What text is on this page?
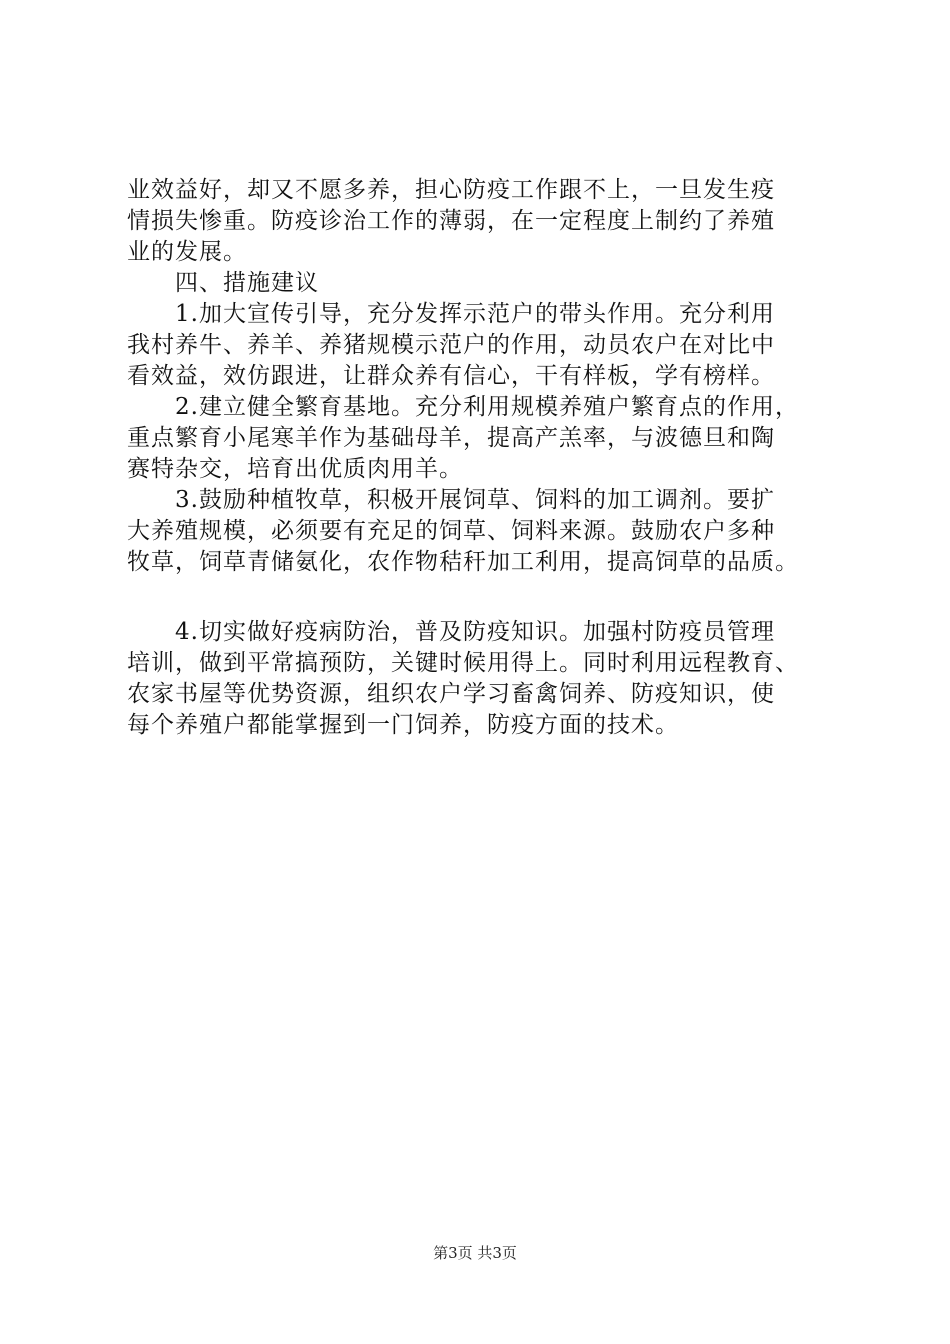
业效益好，却又不愿多养，担心防疫工作跟不上，一旦发生疫
情损失惨重。防疫诊治工作的薄弱，在一定程度上制约了养殖
业的发展。
　　四、措施建议
　　1.加大宣传引导，充分发挥示范户的带头作用。充分利用
我村养牛、养羊、养猪规模示范户的作用，动员农户在对比中
看效益，效仿跟进，让群众养有信心，干有样板，学有榜样。
　　2.建立健全繁育基地。充分利用规模养殖户繁育点的作用，
重点繁育小尾寒羊作为基础母羊，提高产羔率，与波德旦和陶
赛特杂交，培育出优质肉用羊。
　　3.鼓励种植牧草，积极开展饲草、饲料的加工调剂。要扩
大养殖规模，必须要有充足的饲草、饲料来源。鼓励农户多种
牧草，饲草青储氨化，农作物秸秆加工利用，提高饲草的品质。
　　4.切实做好疫病防治，普及防疫知识。加强村防疫员管理
培训，做到平常搞预防，关键时候用得上。同时利用远程教育、
农家书屋等优势资源，组织农户学习畜禽饲养、防疫知识，使
每个养殖户都能掌握到一门饲养，防疫方面的技术。
第3页 共3页
